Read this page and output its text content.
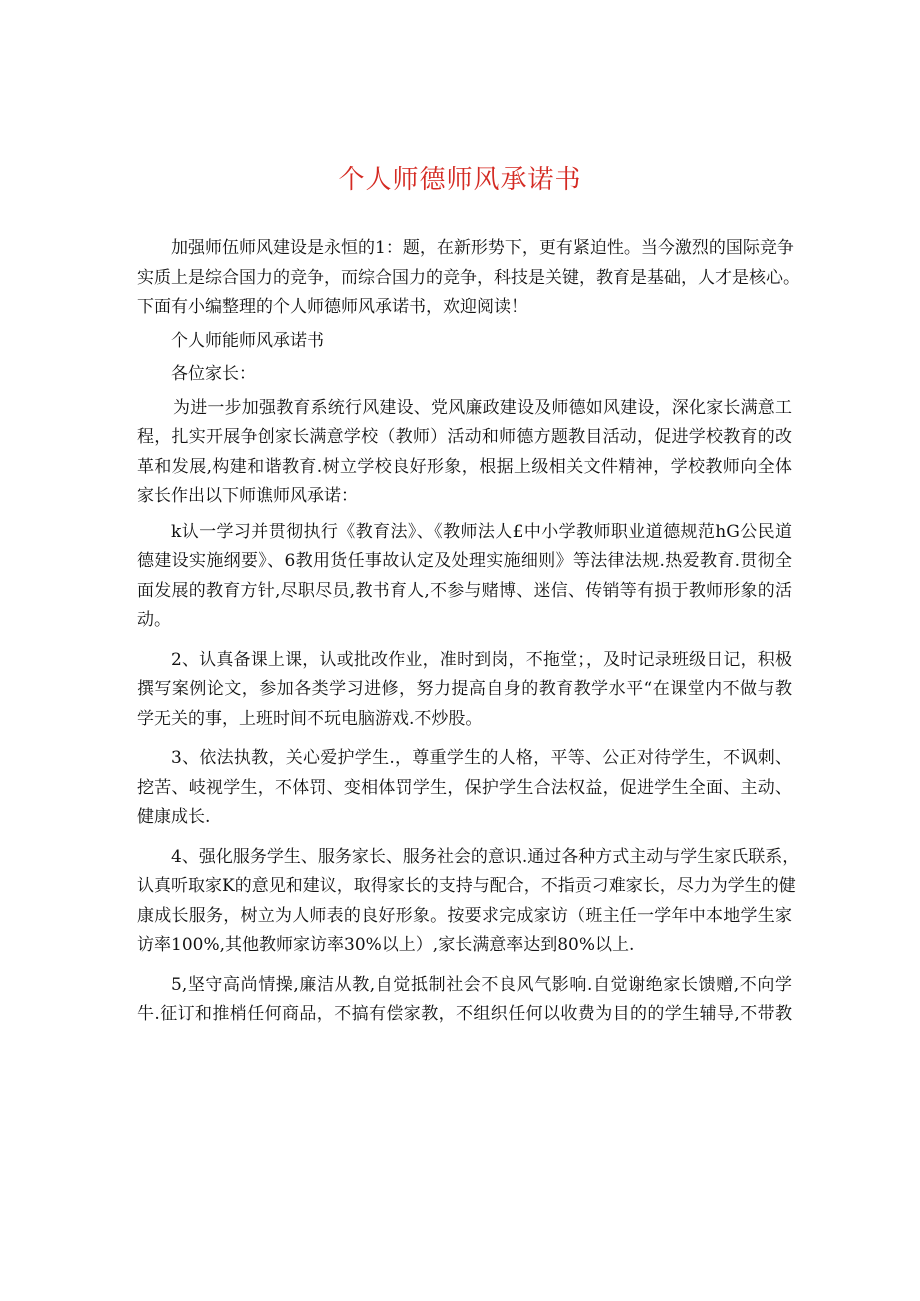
个人师德师风承诺书
加强师伍师风建设是永恒的1：题，在新形势下，更有紧迫性。当今激烈的国际竞争
实质上是综合国力的竞争，而综合国力的竞争，科技是关键，教育是基础，人才是核心。
下面有小编整理的个人师德师风承诺书，欢迎阅读！
个人师能师风承诺书
各位家长：
为进一步加强教育系统行风建设、党风廉政建设及师德如风建设，深化家长满意工
程，扎实开展争创家长满意学校（教师）活动和师德方题教目活动，促进学校教育的改
革和发展,构建和谐教育.树立学校良好形象，根据上级相关文件精神，学校教师向全体
家长作出以下师谯师风承诺：
k认一学习并贯彻执行《教育法》、《教师法人£中小学教师职业道德规范hG公民道
德建设实施纲要》、6教用货任事故认定及处理实施细则》等法律法规.热爱教育.贯彻全
面发展的教育方针,尽职尽员,教书育人,不参与赌博、迷信、传销等有损于教师形象的活
动。
2、认真备课上课，认或批改作业，准时到岗，不拖堂；，及时记录班级日记，积极
撰写案例论文，参加各类学习进修，努力提高自身的教育教学水平“在课堂内不做与教
学无关的事，上班时间不玩电脑游戏.不炒股。
3、依法执教，关心爱护学生.，尊重学生的人格，平等、公正对待学生，不讽刺、
挖苦、岐视学生，不体罚、变相体罚学生，保护学生合法权益，促进学生全面、主动、
健康成长.
4、强化服务学生、服务家长、服务社会的意识.通过各种方式主动与学生家氏联系，
认真听取家K的意见和建议，取得家长的支持与配合，不指贡刁难家长，尽力为学生的健
康成长服务，树立为人师表的良好形象。按要求完成家访（班主任一学年中本地学生家
访率100%,其他教师家访率30%以上）,家长满意率达到80%以上.
5,坚守高尚情操,廉洁从教,自觉抵制社会不良风气影响.自觉谢绝家长馈赠,不向学
牛.征订和推梢任何商品，不搞有偿家教，不组织任何以收费为目的的学生辅导,不带教
